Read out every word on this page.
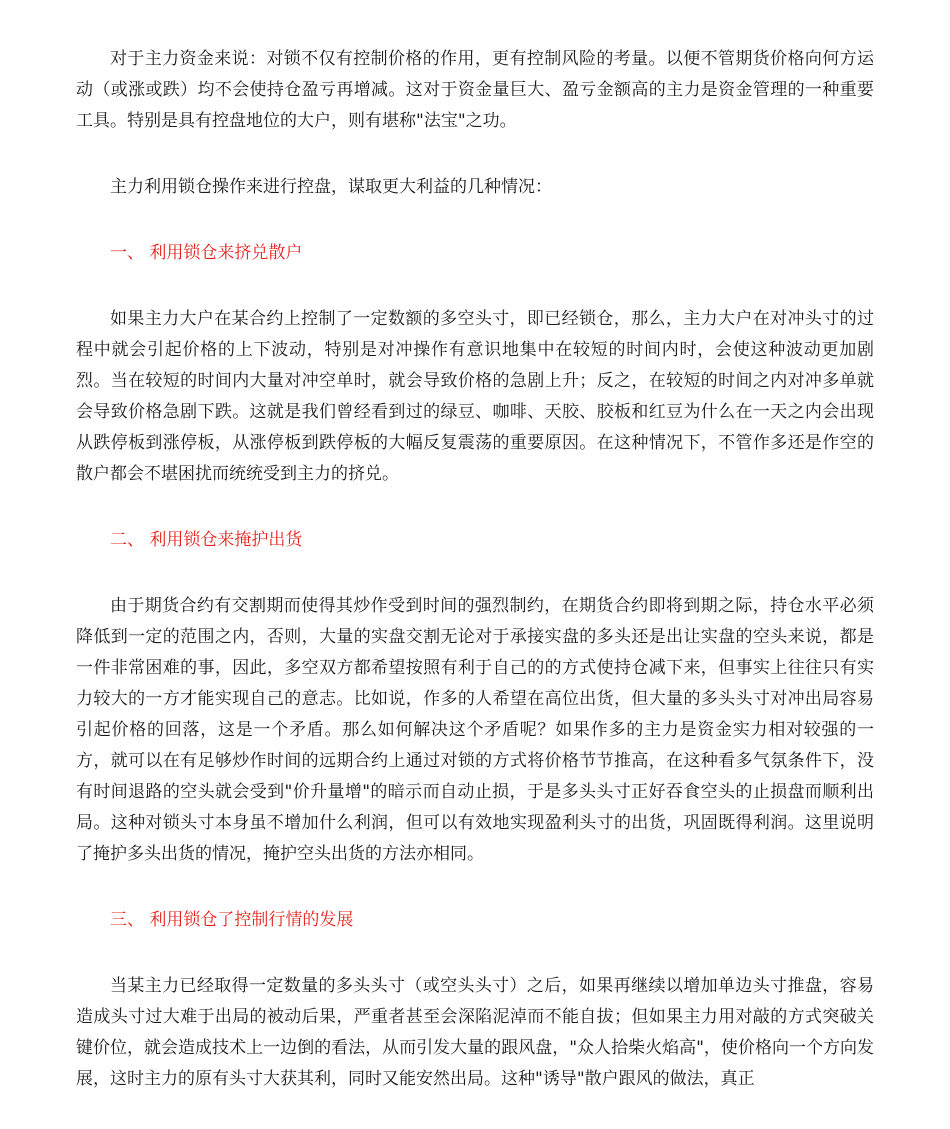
对于主力资金来说：对锁不仅有控制价格的作用，更有控制风险的考量。以便不管期货价格向何方运动（或涨或跌）均不会使持仓盈亏再增减。这对于资金量巨大、盈亏金额高的主力是资金管理的一种重要工具。特别是具有控盘地位的大户，则有堪称"法宝"之功。

主力利用锁仓操作来进行控盘，谋取更大利益的几种情况：

一、 利用锁仓来挤兑散户

如果主力大户在某合约上控制了一定数额的多空头寸，即已经锁仓，那么，主力大户在对冲头寸的过程中就会引起价格的上下波动，特别是对冲操作有意识地集中在较短的时间内时，会使这种波动更加剧烈。当在较短的时间内大量对冲空单时，就会导致价格的急剧上升；反之，在较短的时间之内对冲多单就会导致价格急剧下跌。这就是我们曾经看到过的绿豆、咖啡、天胶、胶板和红豆为什么在一天之内会出现从跌停板到涨停板，从涨停板到跌停板的大幅反复震荡的重要原因。在这种情况下，不管作多还是作空的散户都会不堪困扰而统统受到主力的挤兑。

二、 利用锁仓来掩护出货

由于期货合约有交割期而使得其炒作受到时间的强烈制约，在期货合约即将到期之际，持仓水平必须降低到一定的范围之内，否则，大量的实盘交割无论对于承接实盘的多头还是出让实盘的空头来说，都是一件非常困难的事，因此，多空双方都希望按照有利于自己的的方式使持仓减下来，但事实上往往只有实力较大的一方才能实现自己的意志。比如说，作多的人希望在高位出货，但大量的多头头寸对冲出局容易引起价格的回落，这是一个矛盾。那么如何解决这个矛盾呢？如果作多的主力是资金实力相对较强的一方，就可以在有足够炒作时间的远期合约上通过对锁的方式将价格节节推高，在这种看多气氛条件下，没有时间退路的空头就会受到"价升量增"的暗示而自动止损，于是多头头寸正好吞食空头的止损盘而顺利出局。这种对锁头寸本身虽不增加什么利润，但可以有效地实现盈利头寸的出货，巩固既得利润。这里说明了掩护多头出货的情况，掩护空头出货的方法亦相同。

三、 利用锁仓了控制行情的发展

当某主力已经取得一定数量的多头头寸（或空头头寸）之后，如果再继续以增加单边头寸推盘，容易造成头寸过大难于出局的被动后果，严重者甚至会深陷泥淖而不能自拔；但如果主力用对敲的方式突破关键价位，就会造成技术上一边倒的看法，从而引发大量的跟风盘，"众人拾柴火焰高"，使价格向一个方向发展，这时主力的原有头寸大获其利，同时又能安然出局。这种"诱导"散户跟风的做法，真正
